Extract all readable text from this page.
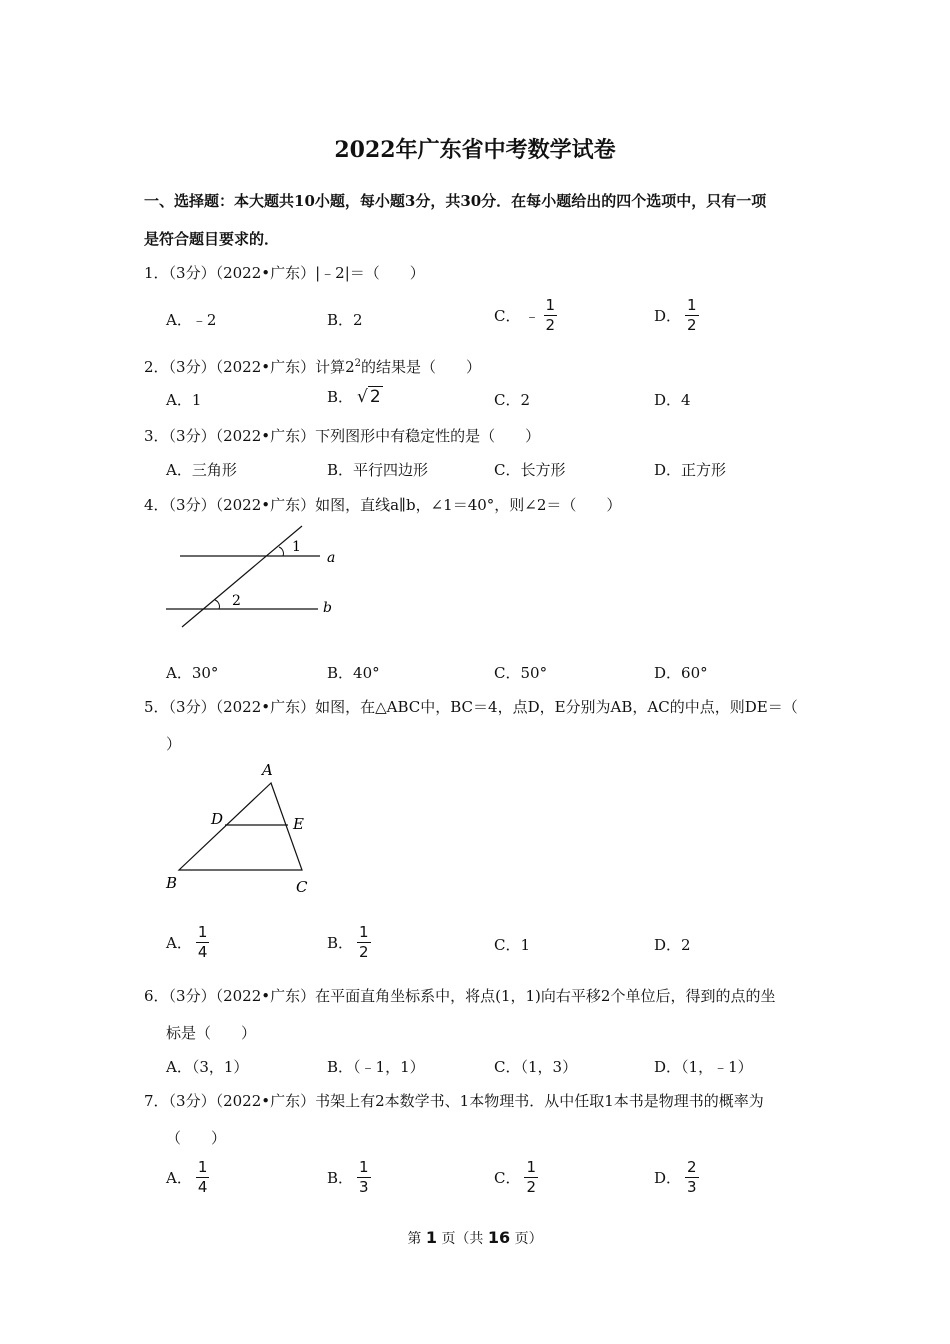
2022年广东省中考数学试卷
一、选择题：本大题共10小题，每小题3分，共30分．在每小题给出的四个选项中，只有一项
是符合题目要求的．
1．（3分）（2022•广东）|﹣2|＝（　　）
A．﹣2	B．2	C． ﹣ $\frac{1}{2}$	D． $\frac{1}{2}$
2．（3分）（2022•广东）计算$2^2$的结果是（　　）
A．1	B． √ 2	C．2	D．4
3．（3分）（2022•广东）下列图形中有稳定性的是（　　）
A．三角形	B．平行四边形	C．长方形	D．正方形
4．（3分）（2022•广东）如图，直线a∥b，∠1＝40°，则∠2＝（　　）
1
a
2	b
A．30°	B．40°	C．50°	D．60°
5．（3分）（2022•广东）如图，在△ABC中，BC＝4，点D，E分别为AB，AC的中点，则DE＝（
）
A
D	E
B	C
A． $\frac{1}{4}$	B． $\frac{1}{2}$	C．1	D．2
6．（3分）（2022•广东）在平面直角坐标系中，将点(1，1)向右平移2个单位后，得到的点的坐
标是（　　）
A．（3，1）	B．（﹣1，1）	C．（1，3）	D．（1，﹣1）
7．（3分）（2022•广东）书架上有2本数学书、1本物理书．从中任取1本书是物理书的概率为
（　　）
A． $\frac{1}{4}$	B． $\frac{1}{3}$	C． $\frac{1}{2}$	D． $\frac{2}{3}$
第 1 页（共 16 页）
